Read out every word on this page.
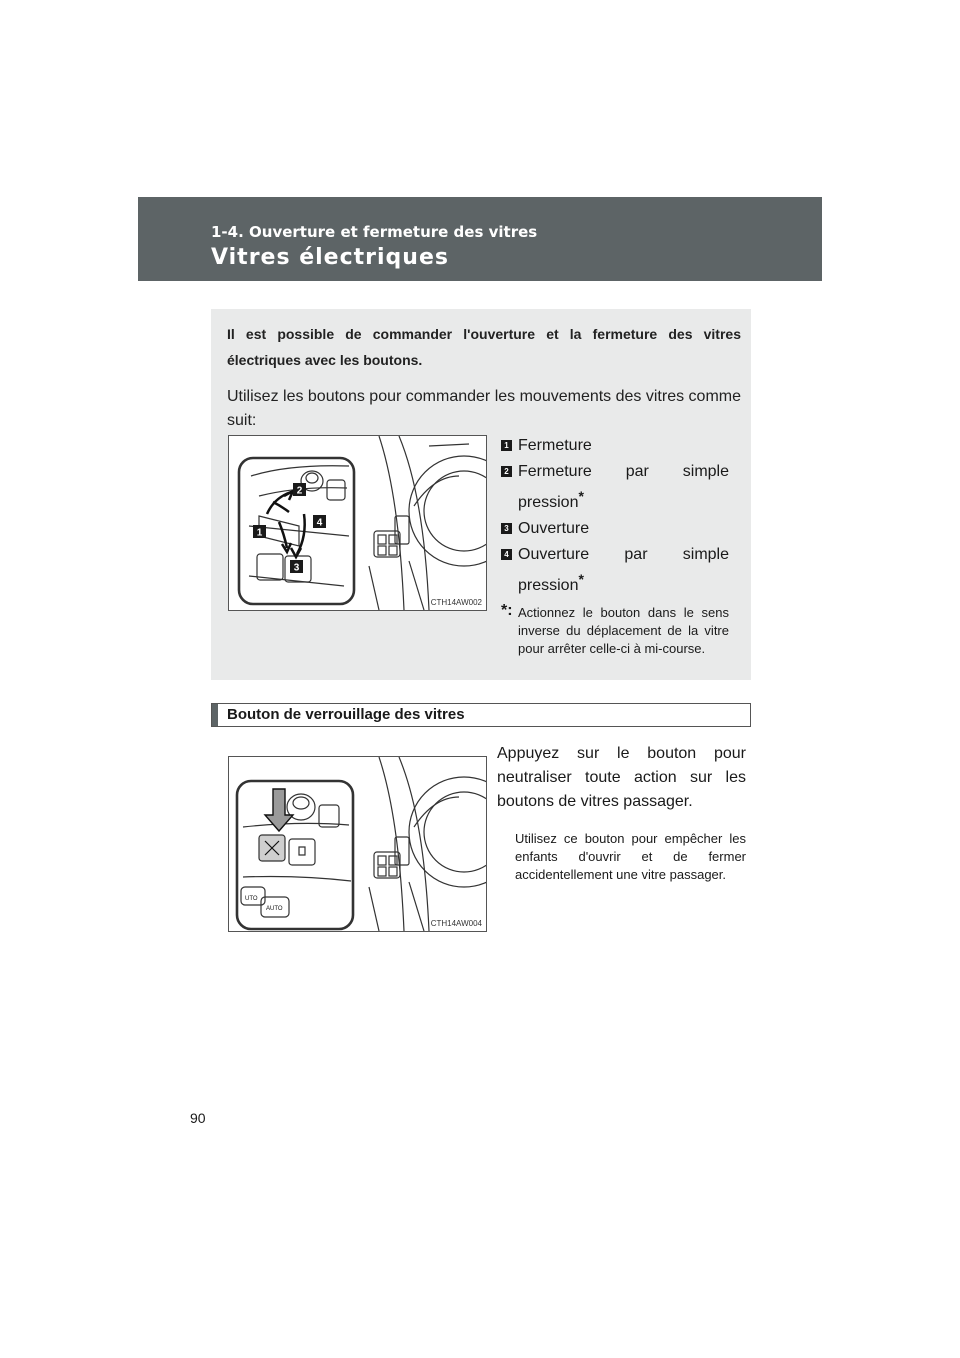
1-4. Ouverture et fermeture des vitres
Vitres électriques
Il est possible de commander l'ouverture et la fermeture des vitres électriques avec les boutons.
Utilisez les boutons pour commander les mouvements des vitres comme suit:
1
2
3
4
CTH14AW002
1 Fermeture
2 Fermeture par simple
pression*
3 Ouverture
4 Ouverture par simple
pression*
*: Actionnez le bouton dans le sens inverse du déplacement de la vitre pour arrêter celle-ci à mi-course.
Bouton de verrouillage des vitres
UTO
AUTO
CTH14AW004
Appuyez sur le bouton pour neutraliser toute action sur les boutons de vitres passager.
Utilisez ce bouton pour empêcher les enfants d'ouvrir et de fermer accidentellement une vitre passager.
90
